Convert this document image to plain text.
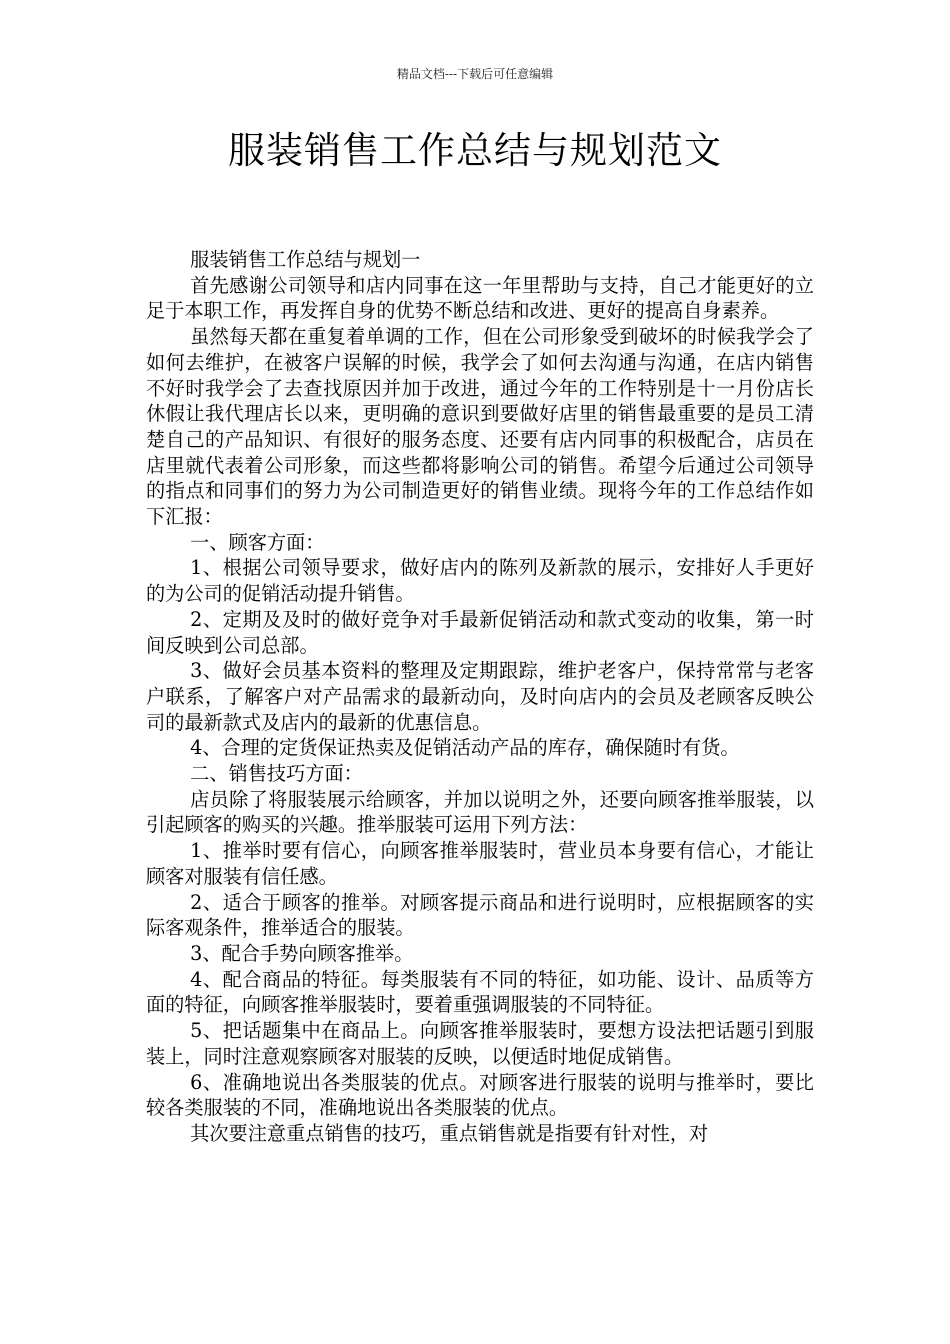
精品文档---下载后可任意编辑
服装销售工作总结与规划范文

服装销售工作总结与规划一

首先感谢公司领导和店内同事在这一年里帮助与支持，自己才能更好的立足于本职工作，再发挥自身的优势不断总结和改进、更好的提高自身素养。

虽然每天都在重复着单调的工作，但在公司形象受到破坏的时候我学会了如何去维护，在被客户误解的时候，我学会了如何去沟通与沟通，在店内销售不好时我学会了去查找原因并加于改进，通过今年的工作特别是十一月份店长休假让我代理店长以来，更明确的意识到要做好店里的销售最重要的是员工清楚自己的产品知识、有很好的服务态度、还要有店内同事的积极配合，店员在店里就代表着公司形象，而这些都将影响公司的销售。希望今后通过公司领导的指点和同事们的努力为公司制造更好的销售业绩。现将今年的工作总结作如下汇报：

一、顾客方面：

1、根据公司领导要求，做好店内的陈列及新款的展示，安排好人手更好的为公司的促销活动提升销售。

2、定期及及时的做好竞争对手最新促销活动和款式变动的收集，第一时间反映到公司总部。

3、做好会员基本资料的整理及定期跟踪，维护老客户，保持常常与老客户联系，了解客户对产品需求的最新动向，及时向店内的会员及老顾客反映公司的最新款式及店内的最新的优惠信息。

4、合理的定货保证热卖及促销活动产品的库存，确保随时有货。

二、销售技巧方面：

店员除了将服装展示给顾客，并加以说明之外，还要向顾客推举服装，以引起顾客的购买的兴趣。推举服装可运用下列方法：

1、推举时要有信心，向顾客推举服装时，营业员本身要有信心，才能让顾客对服装有信任感。

2、适合于顾客的推举。对顾客提示商品和进行说明时，应根据顾客的实际客观条件，推举适合的服装。

3、配合手势向顾客推举。

4、配合商品的特征。每类服装有不同的特征，如功能、设计、品质等方面的特征，向顾客推举服装时，要着重强调服装的不同特征。

5、把话题集中在商品上。向顾客推举服装时，要想方设法把话题引到服装上，同时注意观察顾客对服装的反映，以便适时地促成销售。

6、准确地说出各类服装的优点。对顾客进行服装的说明与推举时，要比较各类服装的不同，准确地说出各类服装的优点。

其次要注意重点销售的技巧，重点销售就是指要有针对性，对
